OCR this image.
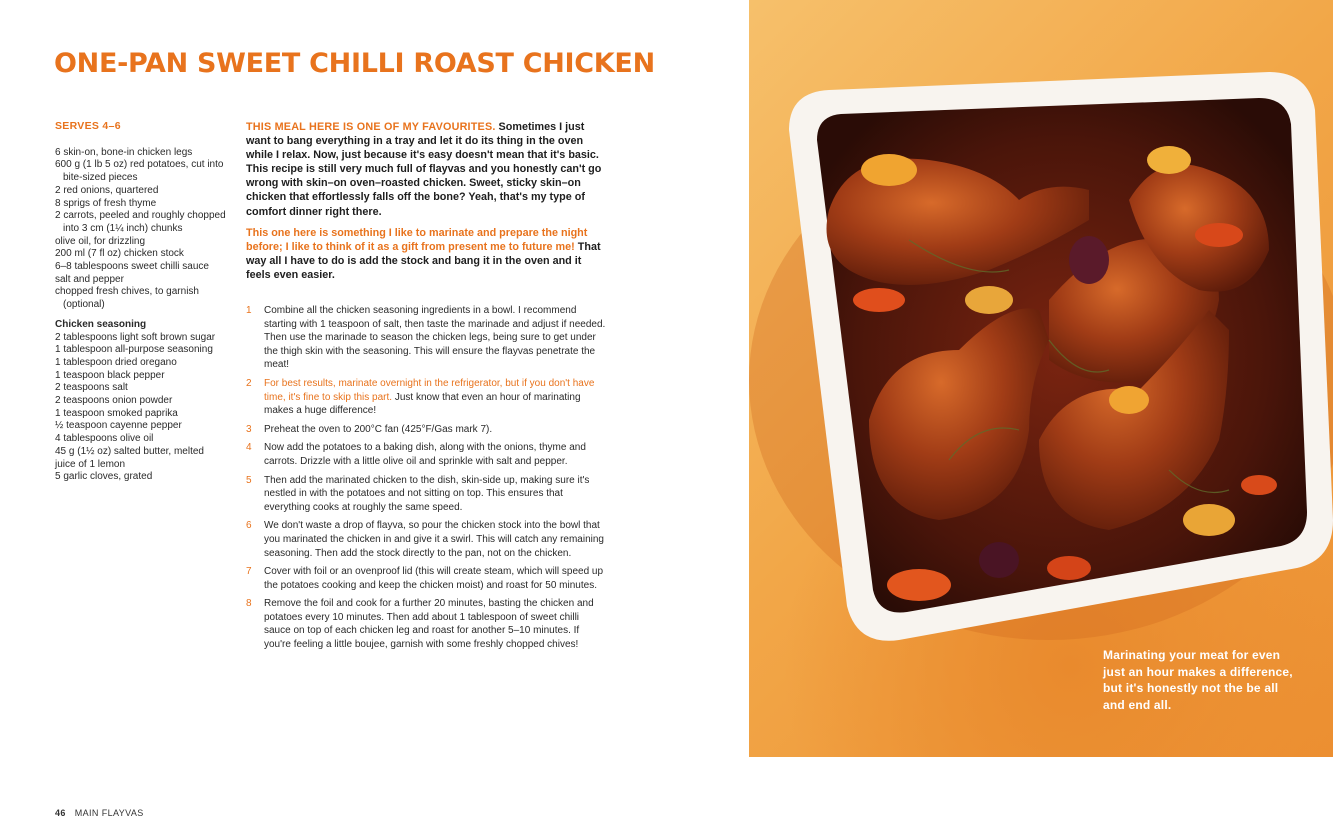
ONE-PAN SWEET CHILLI ROAST CHICKEN

SERVES 4–6

6 skin-on, bone-in chicken legs
600 g (1 lb 5 oz) red potatoes, cut into bite-sized pieces
2 red onions, quartered
8 sprigs of fresh thyme
2 carrots, peeled and roughly chopped into 3 cm (1¼ inch) chunks
olive oil, for drizzling
200 ml (7 fl oz) chicken stock
6–8 tablespoons sweet chilli sauce
salt and pepper
chopped fresh chives, to garnish (optional)

Chicken seasoning

2 tablespoons light soft brown sugar
1 tablespoon all-purpose seasoning
1 tablespoon dried oregano
1 teaspoon black pepper
2 teaspoons salt
2 teaspoons onion powder
1 teaspoon smoked paprika
½ teaspoon cayenne pepper
4 tablespoons olive oil
45 g (1½ oz) salted butter, melted
juice of 1 lemon
5 garlic cloves, grated

THIS MEAL HERE IS ONE OF MY FAVOURITES. Sometimes I just want to bang everything in a tray and let it do its thing in the oven while I relax. Now, just because it's easy doesn't mean that it's basic. This recipe is still very much full of flayvas and you honestly can't go wrong with skin–on oven–roasted chicken. Sweet, sticky skin–on chicken that effortlessly falls off the bone? Yeah, that's my type of comfort dinner right there.

This one here is something I like to marinate and prepare the night before; I like to think of it as a gift from present me to future me! That way all I have to do is add the stock and bang it in the oven and it feels even easier.

1 Combine all the chicken seasoning ingredients in a bowl. I recommend starting with 1 teaspoon of salt, then taste the marinade and adjust if needed. Then use the marinade to season the chicken legs, being sure to get under the thigh skin with the seasoning. This will ensure the flayvas penetrate the meat!
2 For best results, marinate overnight in the refrigerator, but if you don't have time, it's fine to skip this part. Just know that even an hour of marinating makes a huge difference!
3 Preheat the oven to 200°C fan (425°F/Gas mark 7).
4 Now add the potatoes to a baking dish, along with the onions, thyme and carrots. Drizzle with a little olive oil and sprinkle with salt and pepper.
5 Then add the marinated chicken to the dish, skin-side up, making sure it's nestled in with the potatoes and not sitting on top. This ensures that everything cooks at roughly the same speed.
6 We don't waste a drop of flayva, so pour the chicken stock into the bowl that you marinated the chicken in and give it a swirl. This will catch any remaining seasoning. Then add the stock directly to the pan, not on the chicken.
7 Cover with foil or an ovenproof lid (this will create steam, which will speed up the potatoes cooking and keep the chicken moist) and roast for 50 minutes.
8 Remove the foil and cook for a further 20 minutes, basting the chicken and potatoes every 10 minutes. Then add about 1 tablespoon of sweet chilli sauce on top of each chicken leg and roast for another 5–10 minutes. If you're feeling a little boujee, garnish with some freshly chopped chives!
46 MAIN FLAYVAS
Marinating your meat for even just an hour makes a difference, but it's honestly not the be all and end all.
